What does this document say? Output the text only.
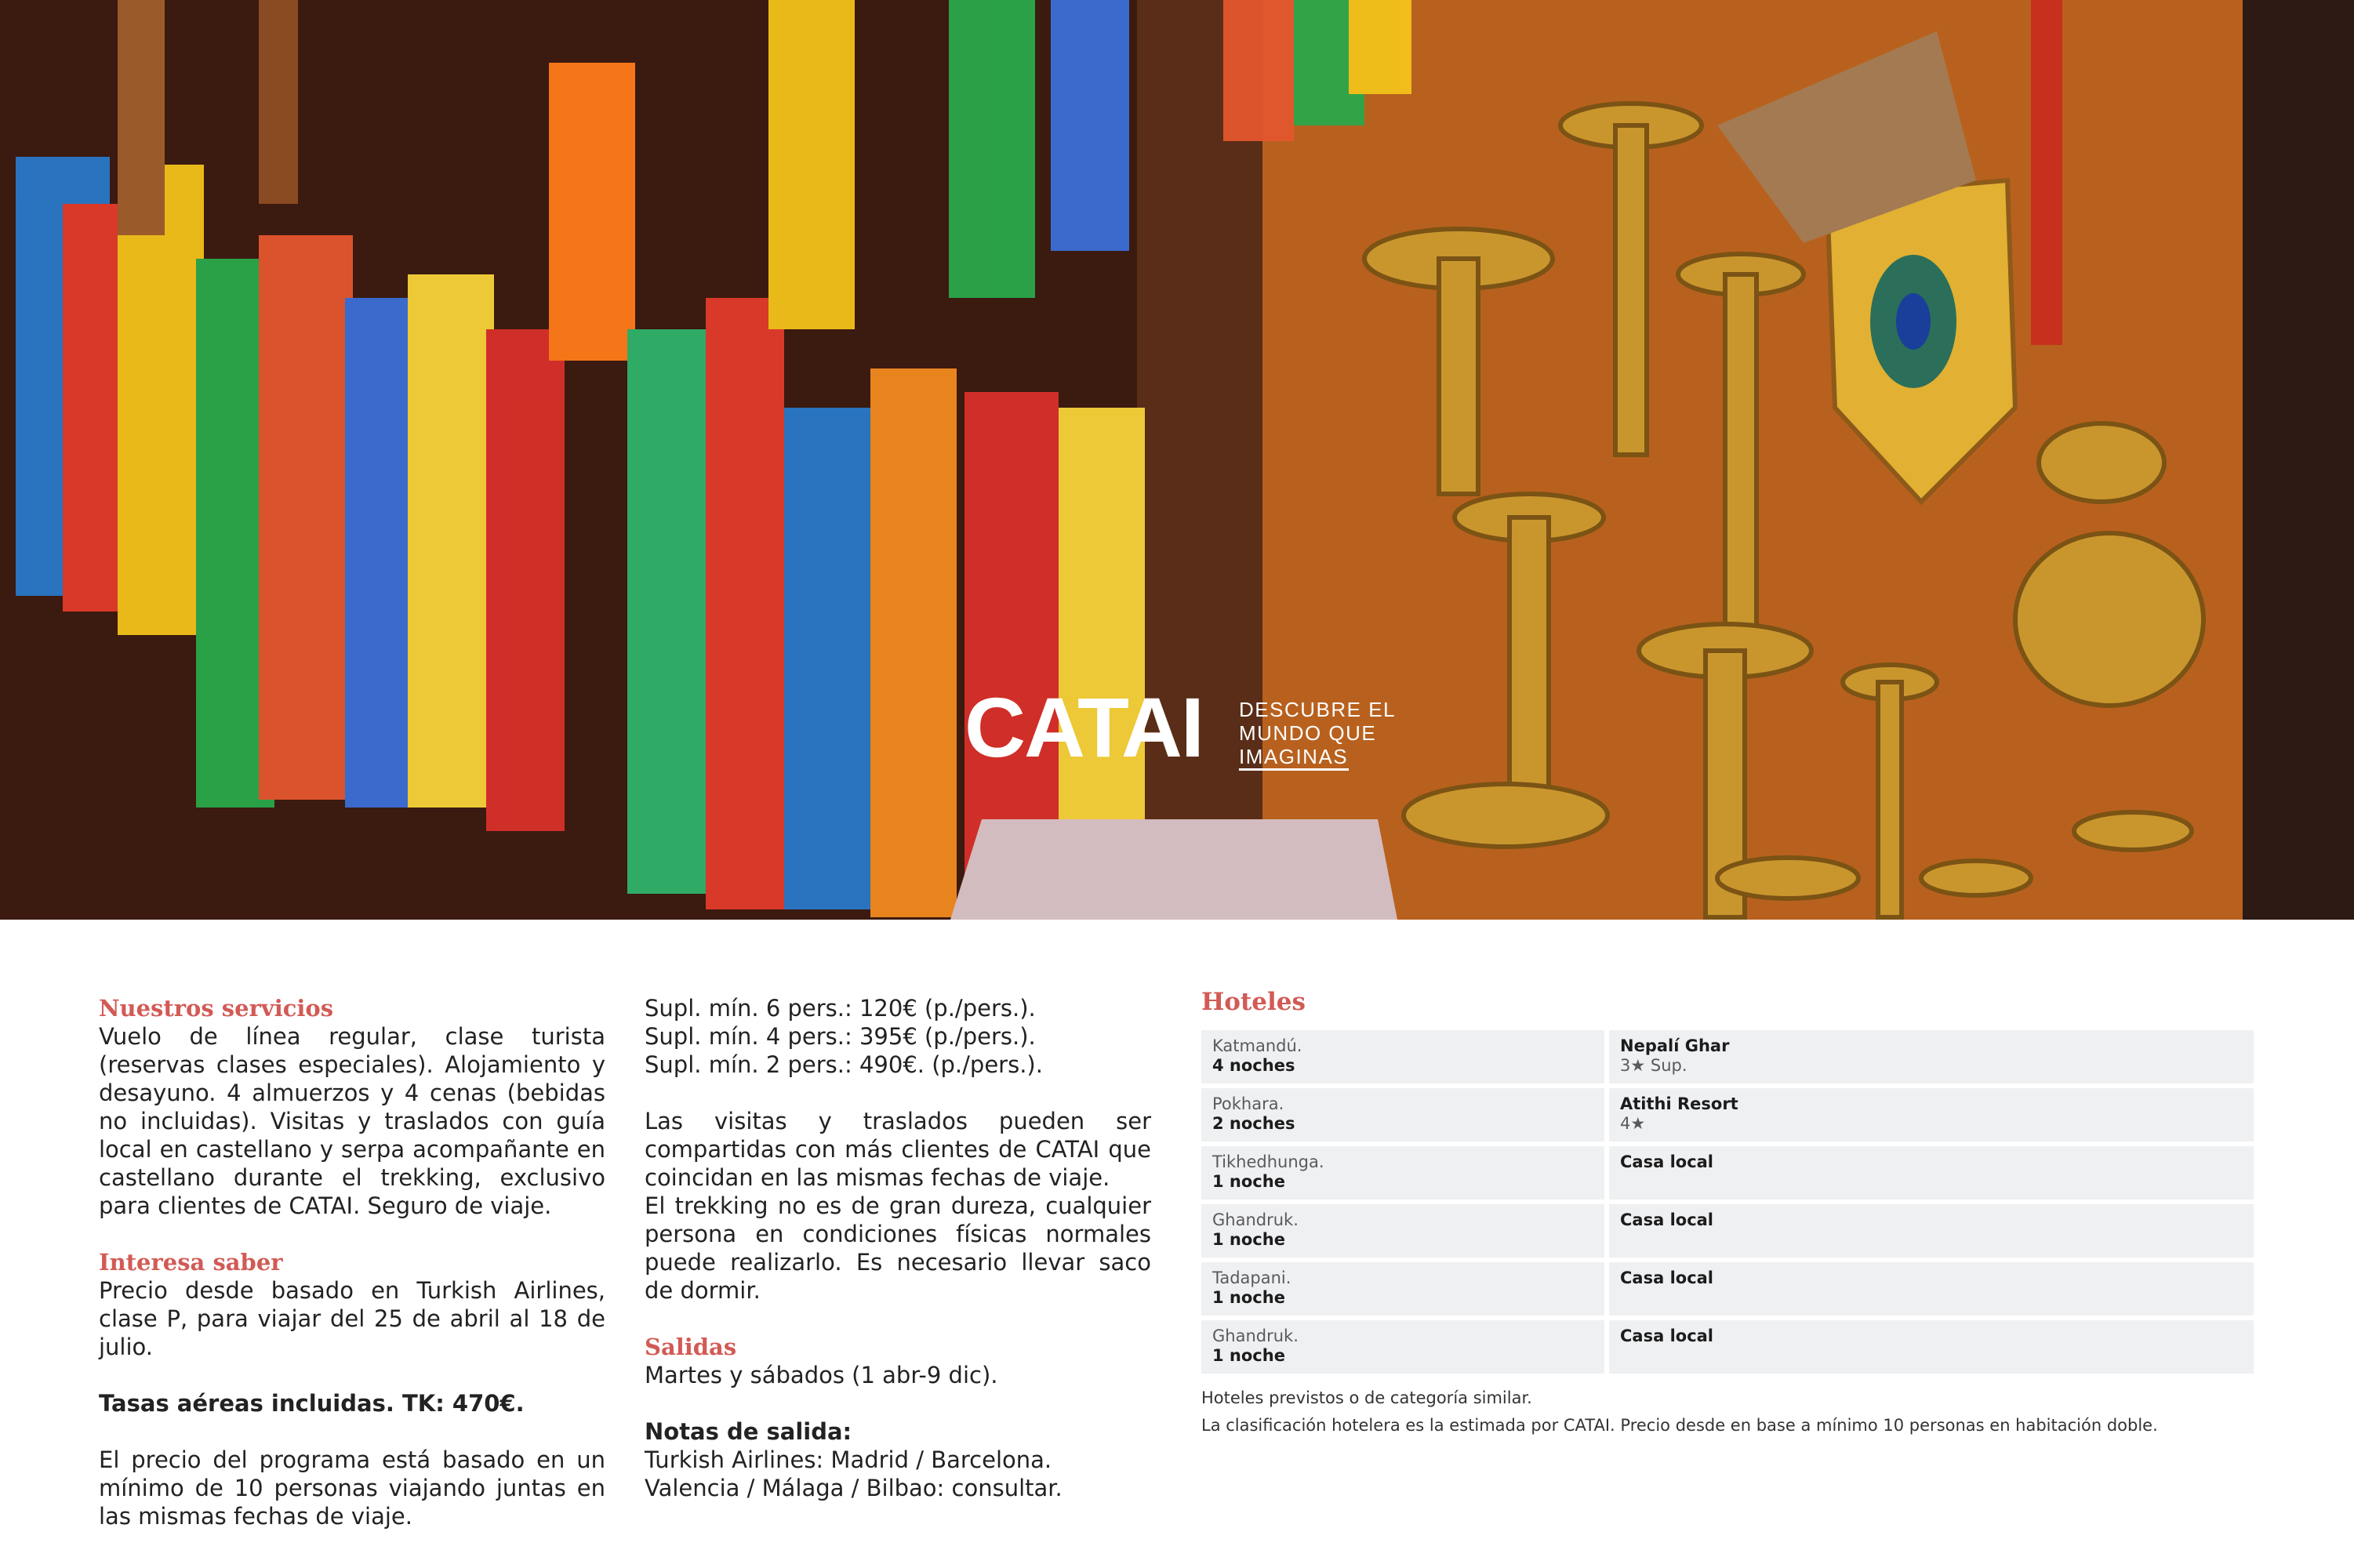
CATAI DESCUBRE EL
MUNDO QUE
IMAGINAS
Nuestros servicios
Vuelo de línea regular, clase turista (reservas clases especiales). Alojamiento y desayuno. 4 almuerzos y 4 cenas (bebidas no incluidas). Visitas y traslados con guía local en castellano y serpa acompañante en castellano durante el trekking, exclusivo para clientes de CATAI. Seguro de viaje.
Interesa saber
Precio desde basado en Turkish Airlines, clase P, para viajar del 25 de abril al 18 de julio.
Tasas aéreas incluidas. TK: 470€.
El precio del programa está basado en un mínimo de 10 personas viajando juntas en las mismas fechas de viaje.
Supl. mín. 6 pers.: 120€ (p./pers.).
Supl. mín. 4 pers.: 395€ (p./pers.).
Supl. mín. 2 pers.: 490€. (p./pers.).
Las visitas y traslados pueden ser compartidas con más clientes de CATAI que coincidan en las mismas fechas de viaje.
El trekking no es de gran dureza, cualquier persona en condiciones físicas normales puede realizarlo. Es necesario llevar saco de dormir.
Salidas
Martes y sábados (1 abr-9 dic).
Notas de salida:
Turkish Airlines: Madrid / Barcelona.
Valencia / Málaga / Bilbao: consultar.
Hoteles
Katmandú.
4 noches
Nepalí Ghar
3★ Sup.
Pokhara.
2 noches
Atithi Resort
4★
Tikhedhunga.
1 noche
Casa local
Ghandruk.
1 noche
Casa local
Tadapani.
1 noche
Casa local
Ghandruk.
1 noche
Casa local
Hoteles previstos o de categoría similar.
La clasificación hotelera es la estimada por CATAI. Precio desde en base a mínimo 10 personas en habitación doble.
